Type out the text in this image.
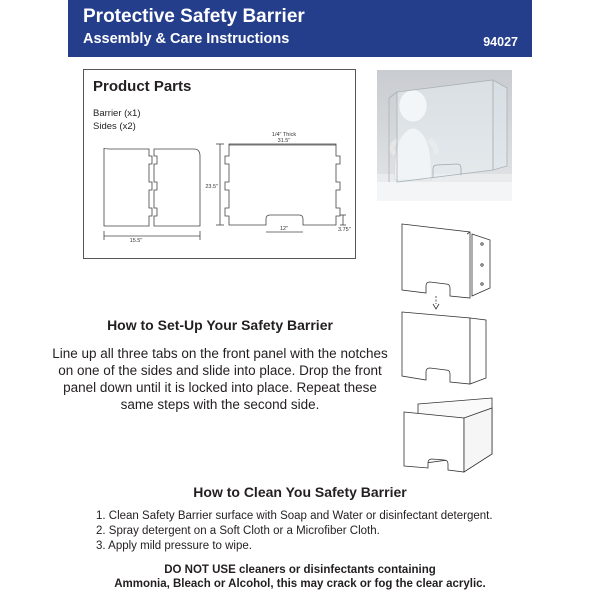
Protective Safety Barrier
Assembly & Care Instructions	94027
Product Parts
Barrier (x1)
Sides (x2)
1/4" Thick
31.5"
23.5"
15.5"
12"	3.75"
How to Set-Up Your Safety Barrier
Line up all three tabs on the front panel with the notches on one of the sides and slide into place. Drop the front panel down until it is locked into place. Repeat these same steps with the second side.
How to Clean You Safety Barrier
1. Clean Safety Barrier surface with Soap and Water or disinfectant detergent.
2. Spray detergent on a Soft Cloth or a Microfiber Cloth.
3. Apply mild pressure to wipe.
DO NOT USE cleaners or disinfectants containing
Ammonia, Bleach or Alcohol, this may crack or fog the clear acrylic.
